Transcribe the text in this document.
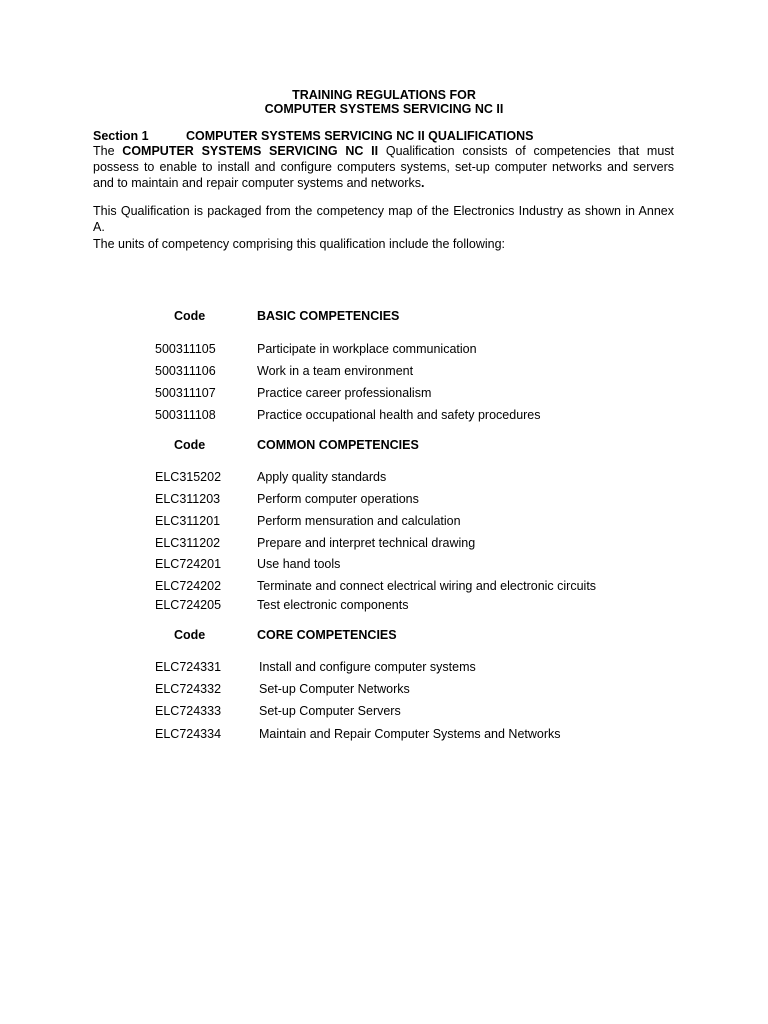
TRAINING REGULATIONS FOR
COMPUTER SYSTEMS SERVICING NC II
Section 1	COMPUTER SYSTEMS SERVICING NC II QUALIFICATIONS
The COMPUTER SYSTEMS SERVICING NC II Qualification consists of competencies that must possess to enable to install and configure computers systems, set-up computer networks and servers and to maintain and repair computer systems and networks.
This Qualification is packaged from the competency map of the Electronics Industry as shown in Annex A.
The units of competency comprising this qualification include the following:
Code	BASIC COMPETENCIES
500311105	Participate in workplace communication
500311106	Work in a team environment
500311107	Practice career professionalism
500311108	Practice occupational health and safety procedures
Code	COMMON COMPETENCIES
ELC315202	Apply quality standards
ELC311203	Perform computer operations
ELC311201	Perform mensuration and calculation
ELC311202	Prepare and interpret technical drawing
ELC724201	Use hand tools
ELC724202	Terminate and connect electrical wiring and electronic circuits
ELC724205	Test electronic components
Code	CORE COMPETENCIES
ELC724331	Install and configure computer systems
ELC724332	Set-up Computer Networks
ELC724333	Set-up Computer Servers
ELC724334	Maintain and Repair Computer Systems and Networks
